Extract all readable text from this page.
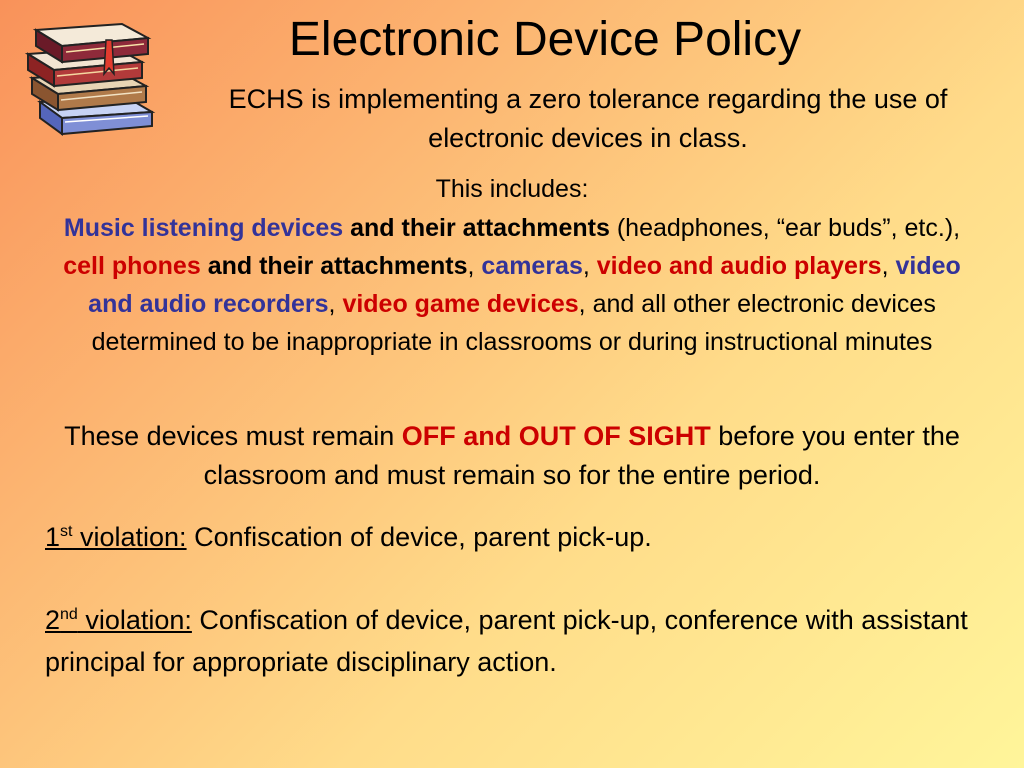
Electronic Device Policy

ECHS is implementing a zero tolerance regarding the use of electronic devices in class.

This includes:

Music listening devices and their attachments (headphones, “ear buds”, etc.), cell phones and their attachments, cameras, video and audio players, video and audio recorders, video game devices, and all other electronic devices determined to be inappropriate in classrooms or during instructional minutes

These devices must remain OFF and OUT OF SIGHT before you enter the classroom and must remain so for the entire period.

1st violation: Confiscation of device, parent pick-up.

2nd violation: Confiscation of device, parent pick-up, conference with assistant principal for appropriate disciplinary action.
